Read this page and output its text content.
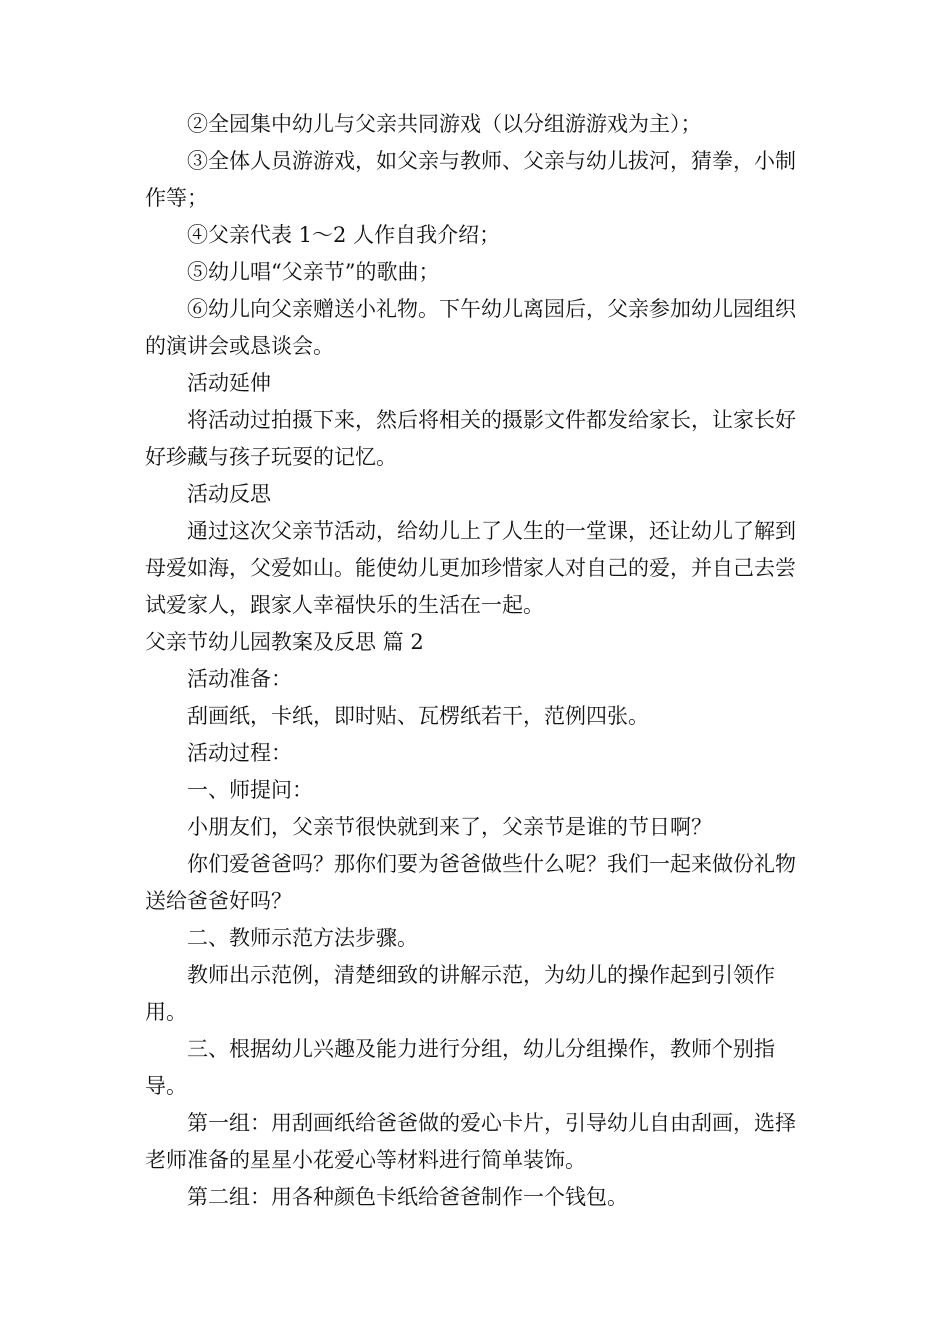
②全园集中幼儿与父亲共同游戏（以分组游游戏为主）；

③全体人员游游戏，如父亲与教师、父亲与幼儿拔河，猜拳，小制作等；

④父亲代表 1～2 人作自我介绍；

⑤幼儿唱“父亲节”的歌曲；

⑥幼儿向父亲赠送小礼物。下午幼儿离园后，父亲参加幼儿园组织的演讲会或恳谈会。

活动延伸

将活动过拍摄下来，然后将相关的摄影文件都发给家长，让家长好好珍藏与孩子玩耍的记忆。

活动反思

通过这次父亲节活动，给幼儿上了人生的一堂课，还让幼儿了解到母爱如海，父爱如山。能使幼儿更加珍惜家人对自己的爱，并自己去尝试爱家人，跟家人幸福快乐的生活在一起。

父亲节幼儿园教案及反思 篇 2

活动准备：

刮画纸，卡纸，即时贴、瓦楞纸若干，范例四张。

活动过程：

一、师提问：

小朋友们，父亲节很快就到来了，父亲节是谁的节日啊？

你们爱爸爸吗？那你们要为爸爸做些什么呢？我们一起来做份礼物送给爸爸好吗？

二、教师示范方法步骤。

教师出示范例，清楚细致的讲解示范，为幼儿的操作起到引领作用。

三、根据幼儿兴趣及能力进行分组，幼儿分组操作，教师个别指导。

第一组：用刮画纸给爸爸做的爱心卡片，引导幼儿自由刮画，选择老师准备的星星小花爱心等材料进行简单装饰。

第二组：用各种颜色卡纸给爸爸制作一个钱包。
